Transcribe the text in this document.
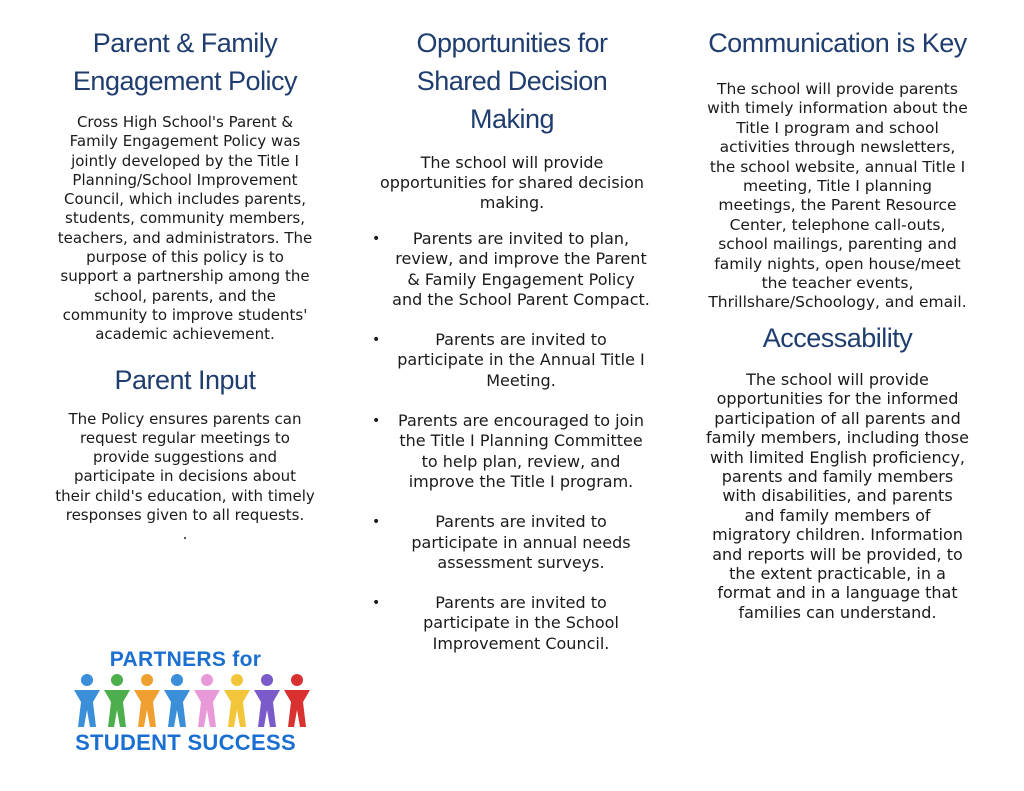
Parent & Family Engagement Policy

Cross High School's Parent & Family Engagement Policy was jointly developed by the Title I Planning/School Improvement Council, which includes parents, students, community members, teachers, and administrators. The purpose of this policy is to support a partnership among the school, parents, and the community to improve students' academic achievement.

Parent Input

The Policy ensures parents can request regular meetings to provide suggestions and participate in decisions about their child's education, with timely responses given to all requests.

.

PARTNERS for
STUDENT SUCCESS
Opportunities for Shared Decision Making

The school will provide opportunities for shared decision making.

• Parents are invited to plan, review, and improve the Parent & Family Engagement Policy and the School Parent Compact.
•	Parents are invited to participate in the Annual Title I Meeting.
• Parents are encouraged to join the Title I Planning Committee to help plan, review, and improve the Title I program.
•	Parents are invited to participate in annual needs assessment surveys.
•	Parents are invited to participate in the School Improvement Council.
Communication is Key

The school will provide parents with timely information about the Title I program and school activities through newsletters, the school website, annual Title I meeting, Title I planning meetings, the Parent Resource Center, telephone call-outs, school mailings, parenting and family nights, open house/meet the teacher events, Thrillshare/Schoology, and email.

Accessability

The school will provide opportunities for the informed participation of all parents and family members, including those with limited English proficiency, parents and family members with disabilities, and parents and family members of migratory children. Information and reports will be provided, to the extent practicable, in a format and in a language that families can understand.
